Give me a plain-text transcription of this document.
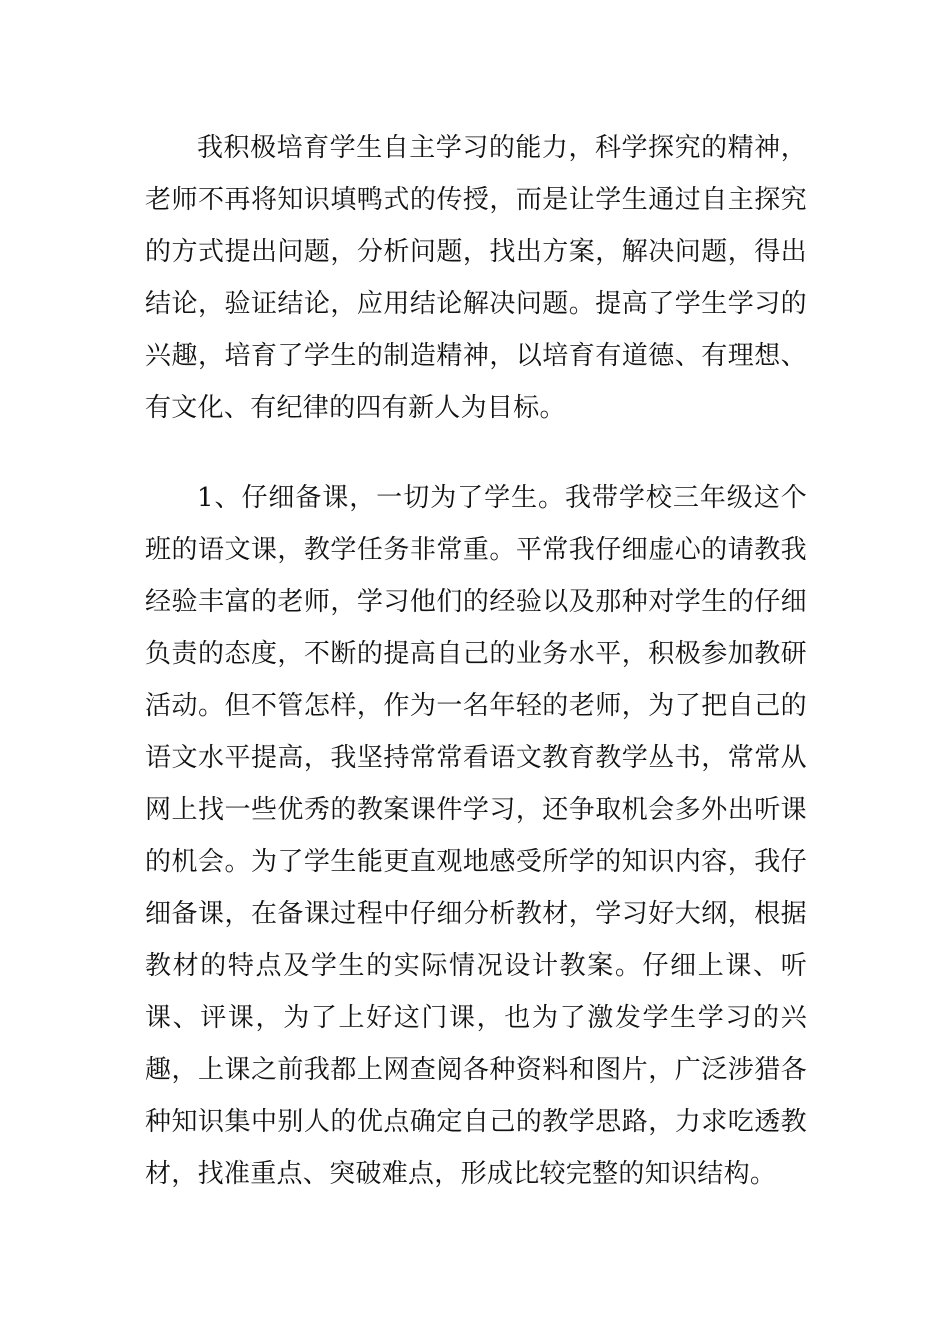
我积极培育学生自主学习的能力，科学探究的精神，老师不再将知识填鸭式的传授，而是让学生通过自主探究的方式提出问题，分析问题，找出方案，解决问题，得出结论，验证结论，应用结论解决问题。提高了学生学习的兴趣，培育了学生的制造精神，以培育有道德、有理想、有文化、有纪律的四有新人为目标。

1、仔细备课，一切为了学生。我带学校三年级这个班的语文课，教学任务非常重。平常我仔细虚心的请教我经验丰富的老师，学习他们的经验以及那种对学生的仔细负责的态度，不断的提高自己的业务水平，积极参加教研活动。但不管怎样，作为一名年轻的老师，为了把自己的语文水平提高，我坚持常常看语文教育教学丛书，常常从网上找一些优秀的教案课件学习，还争取机会多外出听课的机会。为了学生能更直观地感受所学的知识内容，我仔细备课，在备课过程中仔细分析教材，学习好大纲，根据教材的特点及学生的实际情况设计教案。仔细上课、听课、评课，为了上好这门课，也为了激发学生学习的兴趣，上课之前我都上网查阅各种资料和图片，广泛涉猎各种知识集中别人的优点确定自己的教学思路，力求吃透教材，找准重点、突破难点，形成比较完整的知识结构。
